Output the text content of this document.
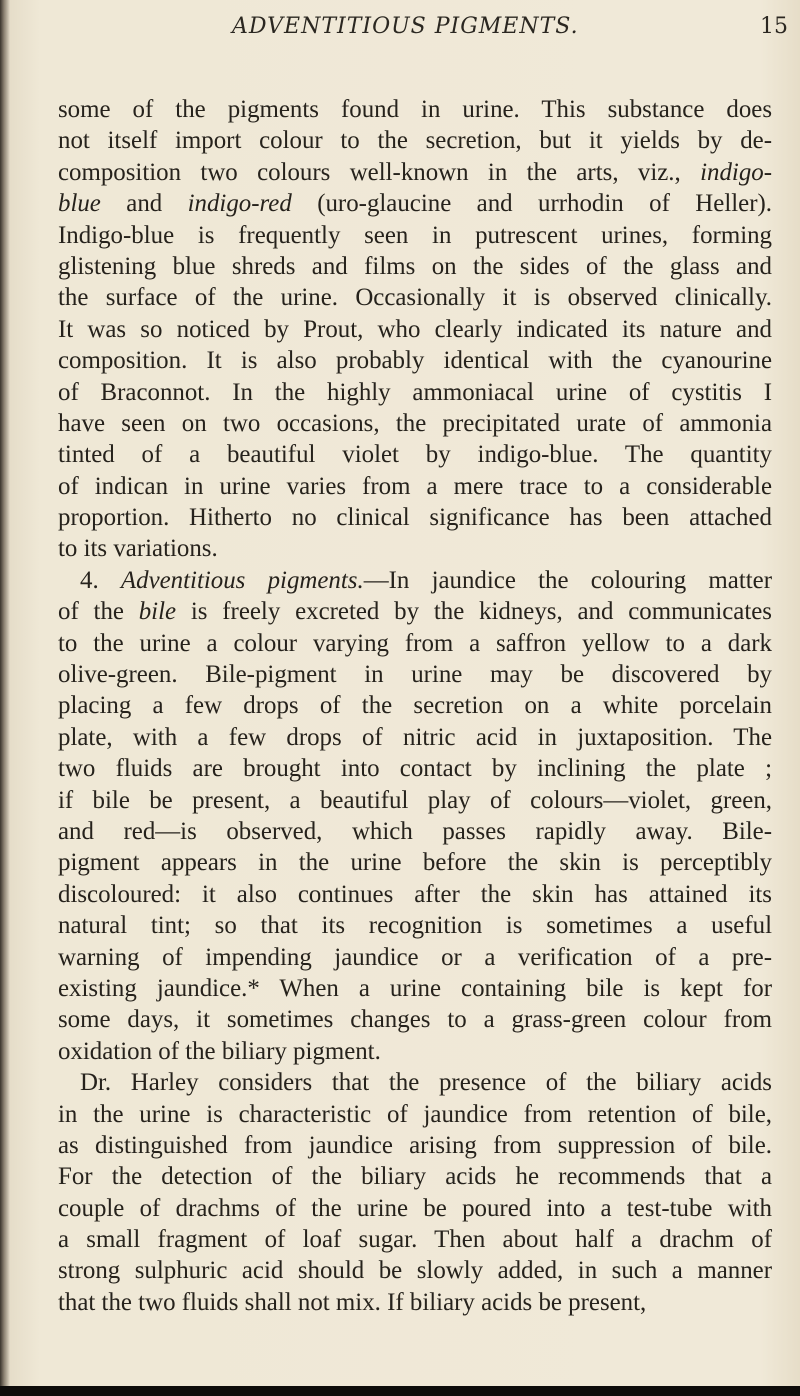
ADVENTITIOUS PIGMENTS.	15
some of the pigments found in urine. This substance does
not itself import colour to the secretion, but it yields by de-
composition two colours well-known in the arts, viz., indigo-
blue and indigo-red (uro-glaucine and urrhodin of Heller).
Indigo-blue is frequently seen in putrescent urines, forming
glistening blue shreds and films on the sides of the glass and
the surface of the urine. Occasionally it is observed clinically.
It was so noticed by Prout, who clearly indicated its nature and
composition. It is also probably identical with the cyanourine
of Braconnot. In the highly ammoniacal urine of cystitis I
have seen on two occasions, the precipitated urate of ammonia
tinted of a beautiful violet by indigo-blue. The quantity
of indican in urine varies from a mere trace to a considerable
proportion. Hitherto no clinical significance has been attached
to its variations.
4. Adventitious pigments.—In jaundice the colouring matter
of the bile is freely excreted by the kidneys, and communicates
to the urine a colour varying from a saffron yellow to a dark
olive-green. Bile-pigment in urine may be discovered by
placing a few drops of the secretion on a white porcelain
plate, with a few drops of nitric acid in juxtaposition. The
two fluids are brought into contact by inclining the plate ;
if bile be present, a beautiful play of colours—violet, green,
and red—is observed, which passes rapidly away. Bile-
pigment appears in the urine before the skin is perceptibly
discoloured: it also continues after the skin has attained its
natural tint; so that its recognition is sometimes a useful
warning of impending jaundice or a verification of a pre-
existing jaundice.* When a urine containing bile is kept for
some days, it sometimes changes to a grass-green colour from
oxidation of the biliary pigment.
Dr. Harley considers that the presence of the biliary acids
in the urine is characteristic of jaundice from retention of bile,
as distinguished from jaundice arising from suppression of bile.
For the detection of the biliary acids he recommends that a
couple of drachms of the urine be poured into a test-tube with
a small fragment of loaf sugar. Then about half a drachm of
strong sulphuric acid should be slowly added, in such a manner
that the two fluids shall not mix. If biliary acids be present,
